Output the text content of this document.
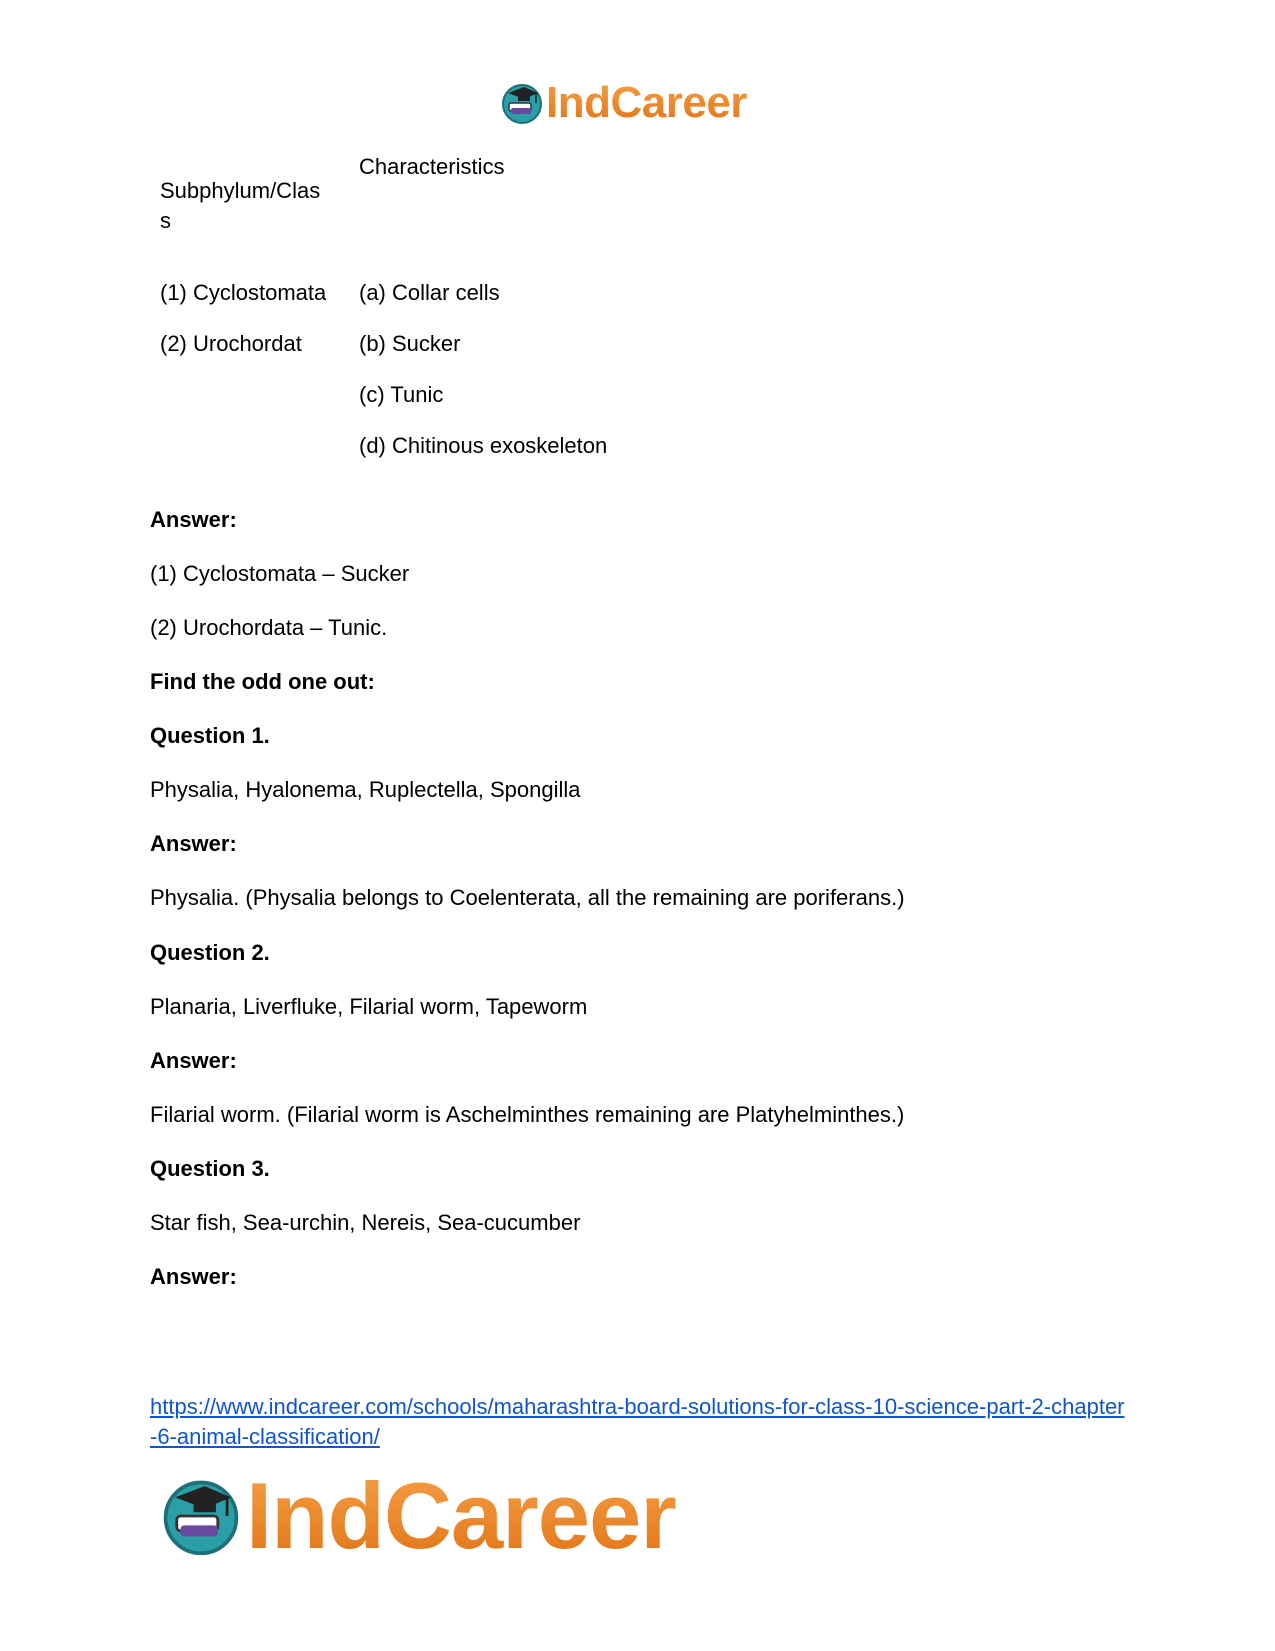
IndCareer
Subphylum/Clas
s
Characteristics
(1) Cyclostomata
(2) Urochordat
(a) Collar cells
(b) Sucker
(c) Tunic
(d) Chitinous exoskeleton
Answer:
(1) Cyclostomata – Sucker
(2) Urochordata – Tunic.
Find the odd one out:
Question 1.
Physalia, Hyalonema, Ruplectella, Spongilla
Answer:
Physalia. (Physalia belongs to Coelenterata, all the remaining are poriferans.)
Question 2.
Planaria, Liverfluke, Filarial worm, Tapeworm
Answer:
Filarial worm. (Filarial worm is Aschelminthes remaining are Platyhelminthes.)
Question 3.
Star fish, Sea-urchin, Nereis, Sea-cucumber
Answer:
https://www.indcareer.com/schools/maharashtra-board-solutions-for-class-10-science-part-2-chapter-6-animal-classification/
IndCareer
